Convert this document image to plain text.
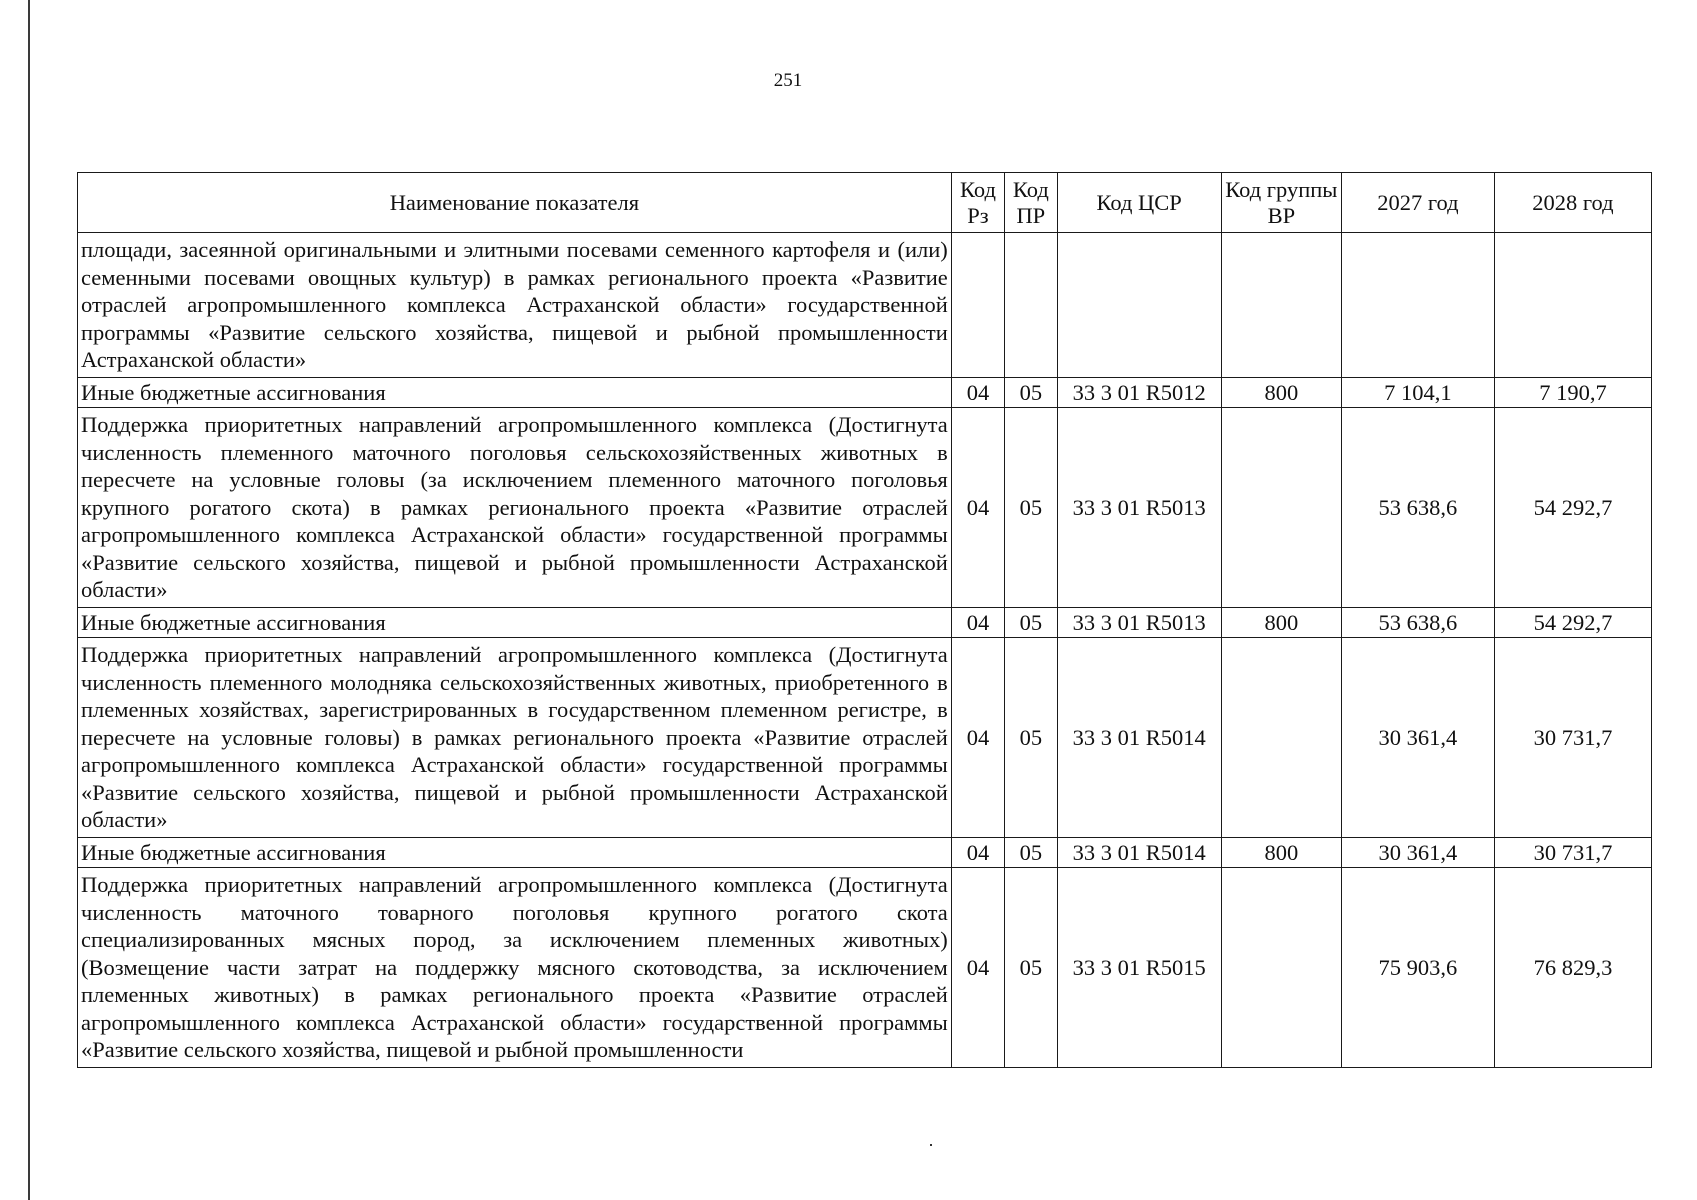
251
Наименование показателя	Код Рз	Код ПР	Код ЦСР	Код группы ВР	2027 год	2028 год
площади, засеянной оригинальными и элитными посевами семенного картофеля и (или) семенными посевами овощных культур) в рамках регионального проекта «Развитие отраслей агропромышленного комплекса Астраханской области» государственной программы «Развитие сельского хозяйства, пищевой и рыбной промышленности Астраханской области»						
Иные бюджетные ассигнования	04	05	33 3 01 R5012	800	7 104,1	7 190,7
Поддержка приоритетных направлений агропромышленного комплекса (Достигнута численность племенного маточного поголовья сельскохозяйственных животных в пересчете на условные головы (за исключением племенного маточного поголовья крупного рогатого скота) в рамках регионального проекта «Развитие отраслей агропромышленного комплекса Астраханской области» государственной программы «Развитие сельского хозяйства, пищевой и рыбной промышленности Астраханской области»	04	05	33 3 01 R5013		53 638,6	54 292,7
Иные бюджетные ассигнования	04	05	33 3 01 R5013	800	53 638,6	54 292,7
Поддержка приоритетных направлений агропромышленного комплекса (Достигнута численность племенного молодняка сельскохозяйственных животных, приобретенного в племенных хозяйствах, зарегистрированных в государственном племенном регистре, в пересчете на условные головы) в рамках регионального проекта «Развитие отраслей агропромышленного комплекса Астраханской области» государственной программы «Развитие сельского хозяйства, пищевой и рыбной промышленности Астраханской области»	04	05	33 3 01 R5014		30 361,4	30 731,7
Иные бюджетные ассигнования	04	05	33 3 01 R5014	800	30 361,4	30 731,7
Поддержка приоритетных направлений агропромышленного комплекса (Достигнута численность маточного товарного поголовья крупного рогатого скота специализированных мясных пород, за исключением племенных животных) (Возмещение части затрат на поддержку мясного скотоводства, за исключением племенных животных) в рамках регионального проекта «Развитие отраслей агропромышленного комплекса Астраханской области» государственной программы «Развитие сельского хозяйства, пищевой и рыбной промышленности	04	05	33 3 01 R5015		75 903,6	76 829,3
